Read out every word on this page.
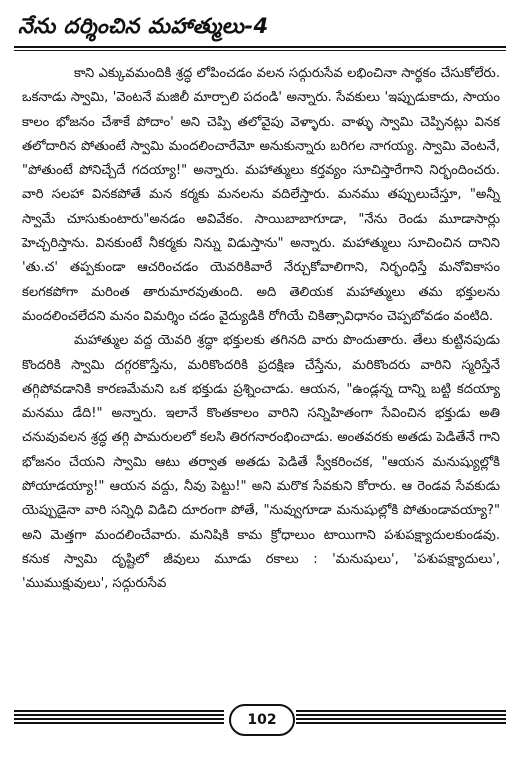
నేను దర్శించిన మహాత్ములు-4

కాని ఎక్కువమందికి శ్రద్ధ లోపించడం వలన సద్గురుసేవ లభించినా సార్థకం చేసుకోలేరు. ఒకనాడు స్వామి, 'వెంటనే మజిలీ మార్చాలి పదండి' అన్నారు. సేవకులు 'ఇప్పుడుకాదు, సాయం కాలం భోజనం చేశాకే పోదాం' అని చెప్పి తలోవైపు వెళ్ళారు. వాళ్ళు స్వామి చెప్పినట్లు వినక తలోదారిన పోతుంటే స్వామి మందలించారేమో అనుకున్నారు బరిగల నాగయ్య. స్వామి వెంటనే, "పోతుంటే పోనిచ్చేదే గదయ్యా!" అన్నారు. మహాత్ములు కర్తవ్యం సూచిస్తారేగాని నిర్భందించరు. వారి సలహా వినకపోతే మన కర్మకు మనలను వదిలేస్తారు. మనము తప్పులుచేస్తూ, "అన్నీ స్వామే చూసుకుంటారు"అనడం అవివేకం. సాయిబాబాగూడా, "నేను రెండు మూడాసార్లు హెచ్చరిస్తాను. వినకుంటే నీకర్మకు నిన్ను విడుస్తాను" అన్నారు. మహాత్ములు సూచించిన దానిని 'తు.చ' తప్పకుండా ఆచరించడం యెవరికివారే నేర్చుకోవాలిగాని, నిర్భంధిస్తే మనోవికాసం కలగకపోగా మరింత తారుమారవుతుంది. అది తెలియక మహాత్ములు తమ భక్తులను మందలించలేదని మనం విమర్శిం చడం వైద్యుడికి రోగియే చికిత్సావిధానం చెప్పబోవడం వంటిది.

మహాత్ముల వద్ద యెవరి శ్రద్ధా భక్తులకు తగినది వారు పొందుతారు. తేలు కుట్టినపుడు కొందరికి స్వామి దగ్గరకొస్తేను, మరికొందరికి ప్రదక్షిణ చేస్తేను, మరికొందరు వారిని స్మరిస్తేనే తగ్గిపోవడానికి కారణమేమని ఒక భక్తుడు ప్రశ్నించాడు. ఆయన, "ఉండ్లన్న దాన్ని బట్టి కదయ్యా మనము డేది!" అన్నారు. ఇలానే కొంతకాలం వారిని సన్నిహితంగా సేవించిన భక్తుడు అతి చనువువలన శ్రద్ధ తగ్గి పామరులలో కలసి తిరగనారంభించాడు. అంతవరకు అతడు పెడితేనే గాని భోజనం చేయని స్వామి ఆటు తర్వాత అతడు పెడితే స్వీకరించక, "ఆయన మనుష్యుల్లోకి పోయాడయ్యా!" ఆయన వద్దు, నీవు పెట్టు!" అని మరొక సేవకుని కోరారు. ఆ రెండవ సేవకుడు యెప్పుడైనా వారి సన్నిధి విడిచి దూరంగా పోతే, "నువ్వుగూడా మనుషుల్లోకి పోతుండావయ్యా?" అని మెత్తగా మందలించేవారు. మనిషికి కామ క్రోధాలుం టాయిగాని పశుపక్ష్యాదులకుండవు. కనుక స్వామి దృష్టిలో జీవులు మూడు రకాలు : 'మనుషులు', 'పశుపక్ష్యాదులు', 'ముముక్షువులు', సద్గురుసేవ

102
